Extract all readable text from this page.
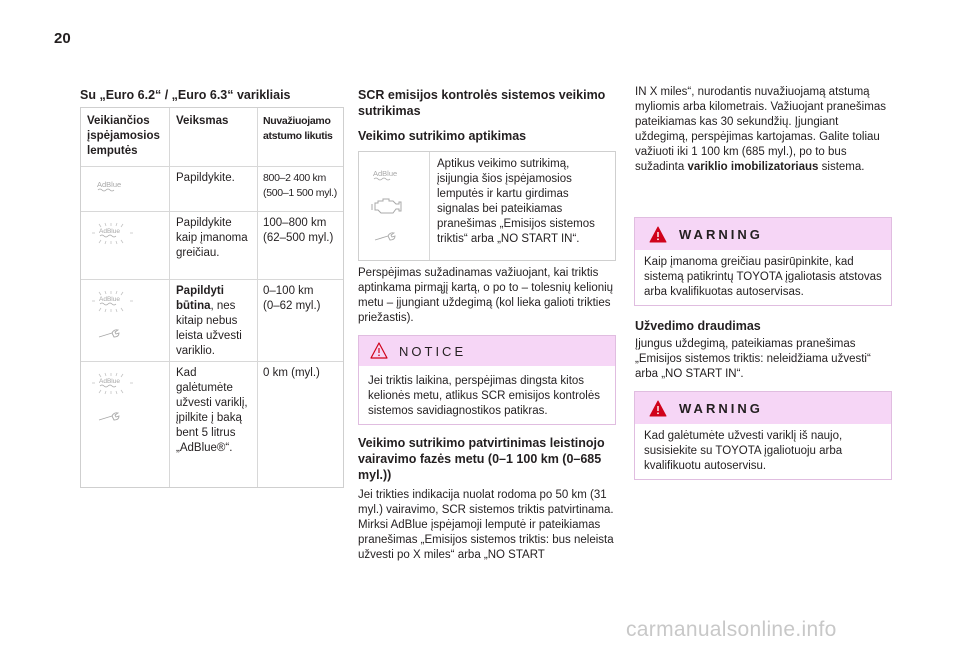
20
Su „Euro 6.2“ / „Euro 6.3“ varikliais
Veikiančios įspėjamosios lemputės
Veiksmas	Nuvažiuojamo atstumo likutis
AdBlue
Papildykite.	800–2 400 km
(500–1 500 myl.)
AdBlue
Papildykite kaip įmanoma greičiau.
100–800 km
(62–500 myl.)
AdBlue
Papildyti būtina, nes kitaip nebus leista užvesti variklio.
0–100 km
(0–62 myl.)
AdBlue
Kad galėtumėte užvesti variklį, įpilkite į baką bent 5 litrus „AdBlue®“.
0 km (myl.)
SCR emisijos kontrolės sistemos veikimo sutrikimas
Veikimo sutrikimo aptikimas
AdBlue
Aptikus veikimo sutrikimą, įsijungia šios įspėjamosios lemputės ir kartu girdimas signalas bei pateikiamas pranešimas „Emisijos sistemos triktis“ arba „NO START IN“.
Perspėjimas sužadinamas važiuojant, kai triktis aptinkama pirmąjį kartą, o po to – tolesnių kelionių metu – įjungiant uždegimą (kol lieka galioti trikties priežastis).
NOTICE
Jei triktis laikina, perspėjimas dingsta kitos kelionės metu, atlikus SCR emisijos kontrolės sistemos savidiagnostikos patikras.
Veikimo sutrikimo patvirtinimas leistinojo vairavimo fazės metu (0–1 100 km (0–685 myl.))
Jei trikties indikacija nuolat rodoma po 50 km (31 myl.) vairavimo, SCR sistemos triktis patvirtinama. Mirksi AdBlue įspėjamoji lemputė ir pateikiamas pranešimas „Emisijos sistemos triktis: bus neleista užvesti po X miles“ arba „NO START
IN X miles“, nurodantis nuvažiuojamą atstumą myliomis arba kilometrais. Važiuojant pranešimas pateikiamas kas 30 sekundžių. Įjungiant uždegimą, perspėjimas kartojamas. Galite toliau važiuoti iki 1 100 km (685 myl.), po to bus sužadinta variklio imobilizatoriaus sistema.
WARNING
Kaip įmanoma greičiau pasirūpinkite, kad sistemą patikrintų TOYOTA įgaliotasis atstovas arba kvalifikuotas autoservisas.
Užvedimo draudimas
Įjungus uždegimą, pateikiamas pranešimas „Emisijos sistemos triktis: neleidžiama užvesti“ arba „NO START IN“.
WARNING
Kad galėtumėte užvesti variklį iš naujo, susisiekite su TOYOTA įgaliotuoju arba kvalifikuotu autoservisu.
carmanualsonline.info
